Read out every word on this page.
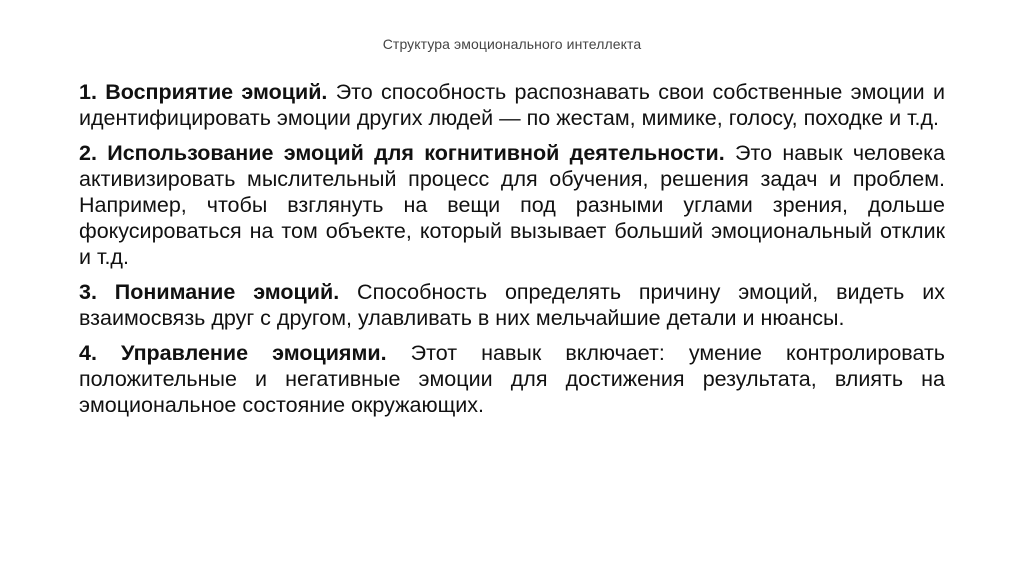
Структура эмоционального интеллекта

1. Восприятие эмоций. Это способность распознавать свои собственные эмоции и идентифицировать эмоции других людей — по жестам, мимике, голосу, походке и т.д.

2. Использование эмоций для когнитивной деятельности. Это навык человека активизировать мыслительный процесс для обучения, решения задач и проблем. Например, чтобы взглянуть на вещи под разными углами зрения, дольше фокусироваться на том объекте, который вызывает больший эмоциональный отклик и т.д.

3. Понимание эмоций. Способность определять причину эмоций, видеть их взаимосвязь друг с другом, улавливать в них мельчайшие детали и нюансы.

4. Управление эмоциями. Этот навык включает: умение контролировать положительные и негативные эмоции для достижения результата, влиять на эмоциональное состояние окружающих.
